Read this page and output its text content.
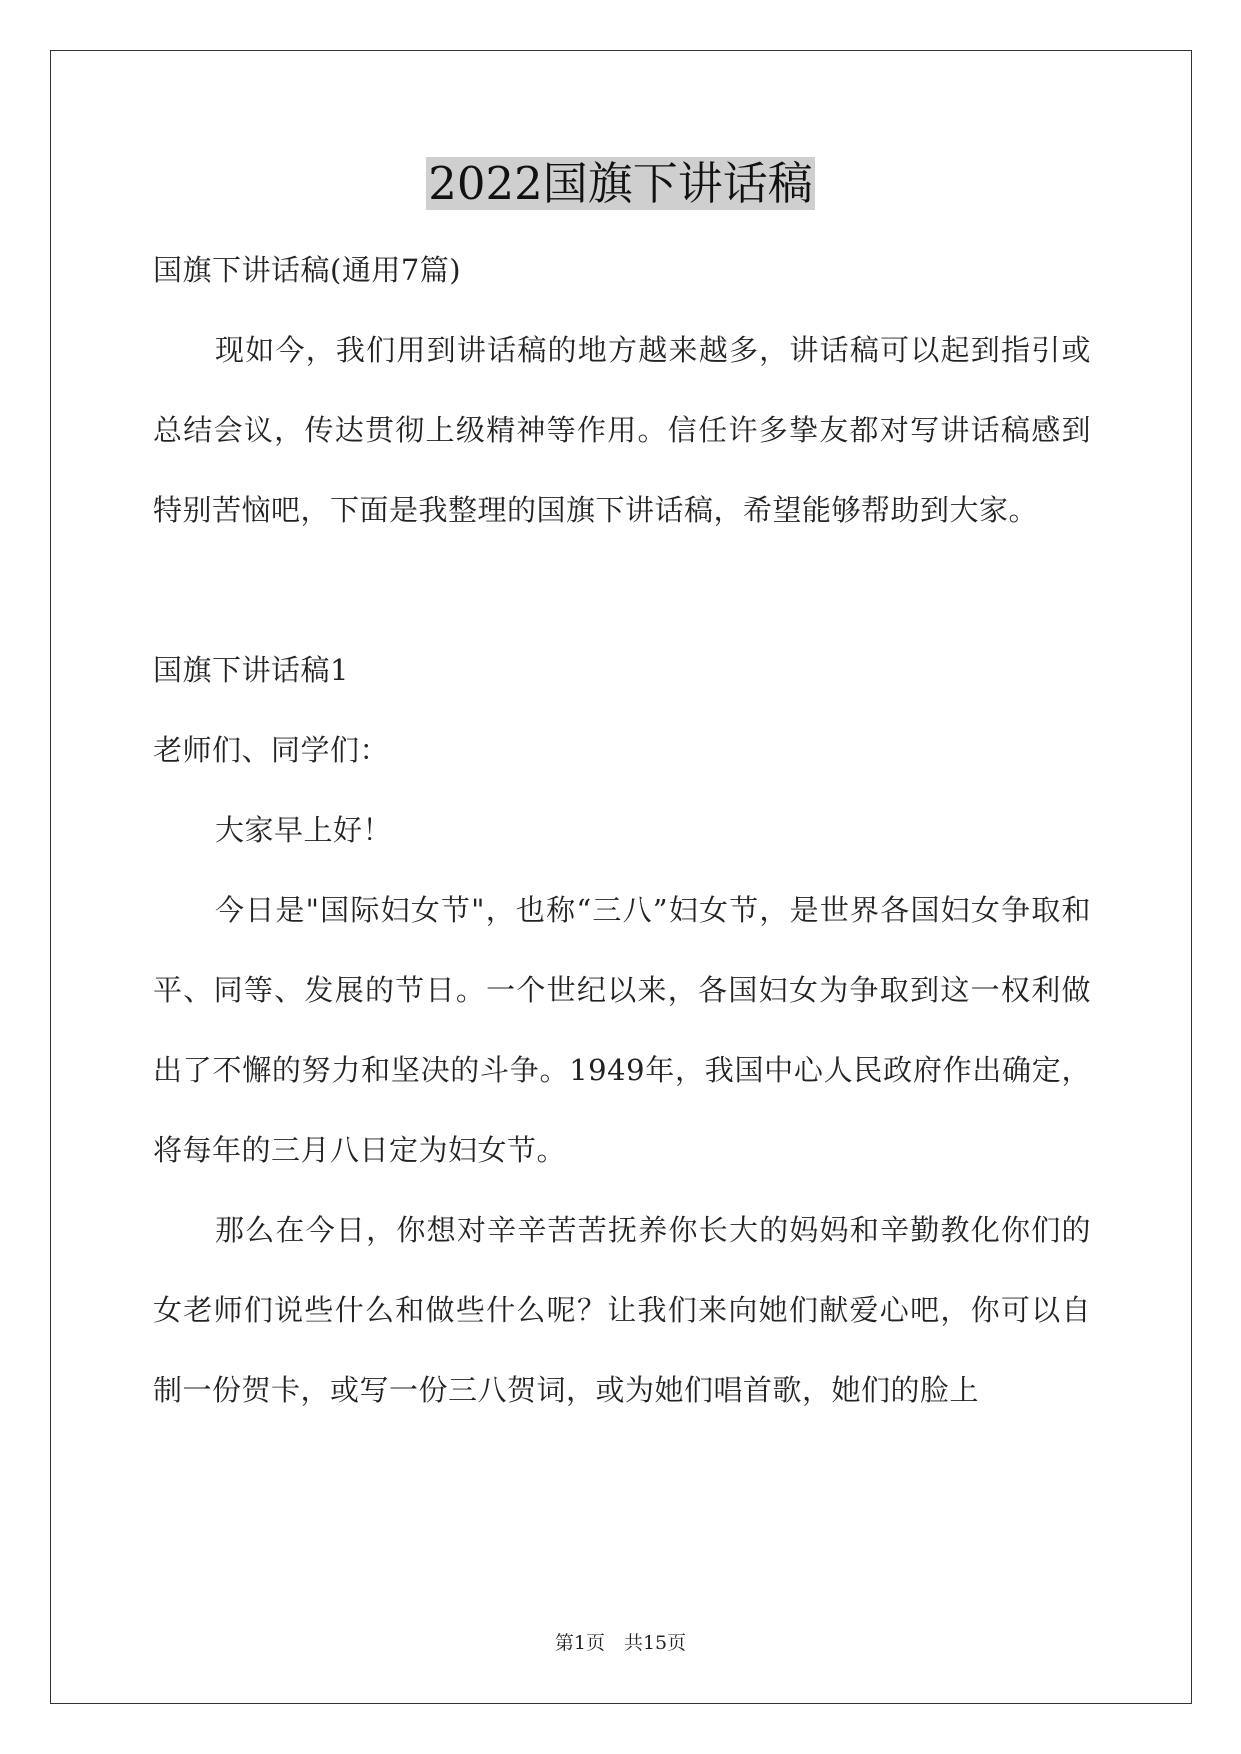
2022国旗下讲话稿

国旗下讲话稿(通用7篇)

现如今，我们用到讲话稿的地方越来越多，讲话稿可以起到指引或总结会议，传达贯彻上级精神等作用。信任许多挚友都对写讲话稿感到特别苦恼吧，下面是我整理的国旗下讲话稿，希望能够帮助到大家。

国旗下讲话稿1

老师们、同学们：

大家早上好！

今日是"国际妇女节"，也称“三八”妇女节，是世界各国妇女争取和平、同等、发展的节日。一个世纪以来，各国妇女为争取到这一权利做出了不懈的努力和坚决的斗争。1949年，我国中心人民政府作出确定，将每年的三月八日定为妇女节。

那么在今日，你想对辛辛苦苦抚养你长大的妈妈和辛勤教化你们的女老师们说些什么和做些什么呢？让我们来向她们献爱心吧，你可以自制一份贺卡，或写一份三八贺词，或为她们唱首歌，她们的脸上

第1页　共15页
